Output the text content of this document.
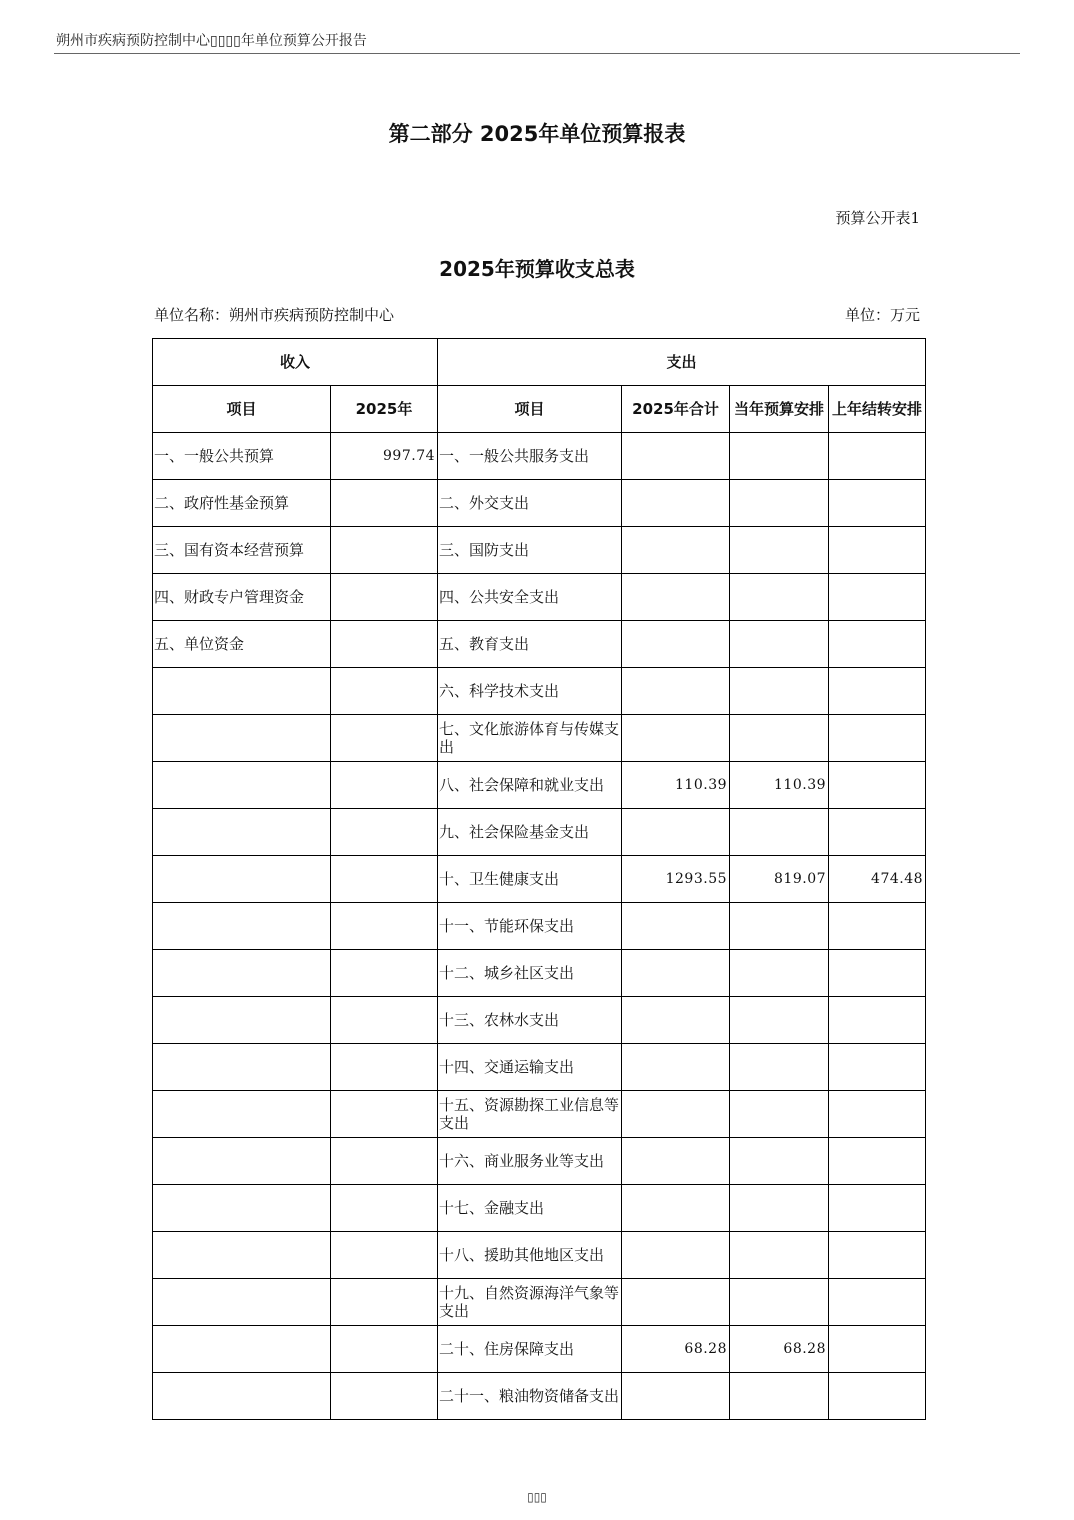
朔州市疾病预防控制中心▯▯▯▯年单位预算公开报告
第二部分 2025年单位预算报表
预算公开表1
2025年预算收支总表
单位名称：朔州市疾病预防控制中心	单位：万元
收入		支出			
项目	2025年	项目	2025年合计	当年预算安排	上年结转安排
一、一般公共预算	997.74	一、一般公共服务支出			
二、政府性基金预算		二、外交支出			
三、国有资本经营预算		三、国防支出			
四、财政专户管理资金		四、公共安全支出			
五、单位资金		五、教育支出			
		六、科学技术支出			
		七、文化旅游体育与传媒支出			
		八、社会保障和就业支出	110.39	110.39	
		九、社会保险基金支出			
		十、卫生健康支出	1293.55	819.07	474.48
		十一、节能环保支出			
		十二、城乡社区支出			
		十三、农林水支出			
		十四、交通运输支出			
		十五、资源勘探工业信息等支出			
		十六、商业服务业等支出			
		十七、金融支出			
		十八、援助其他地区支出			
		十九、自然资源海洋气象等支出			
		二十、住房保障支出	68.28	68.28	
		二十一、粮油物资储备支出			
▯▯▯
